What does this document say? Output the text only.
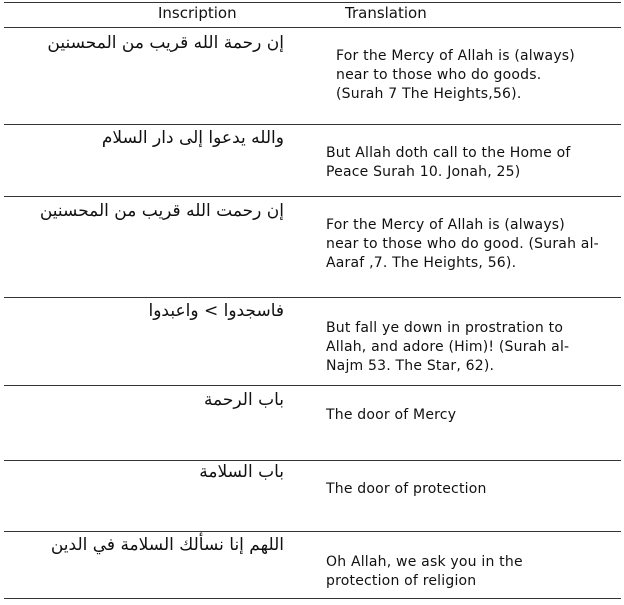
Inscription	Translation
إن رحمة الله قريب من المحسنين
For the Mercy of Allah is (always)
near to those who do goods.
(Surah 7 The Heights,56).
والله يدعوا إلى دار السلام
But Allah doth call to the Home of
Peace Surah 10. Jonah, 25)
إن رحمت الله قريب من المحسنين
For the Mercy of Allah is (always)
near to those who do good. (Surah al-
Aaraf ,7. The Heights, 56).
فاسجدوا > واعبدوا
But fall ye down in prostration to
Allah, and adore (Him)! (Surah al-
Najm 53. The Star, 62).
باب الرحمة
The door of Mercy
باب السلامة
The door of protection
اللهم إنا نسألك السلامة في الدين
Oh Allah, we ask you in the
protection of religion
